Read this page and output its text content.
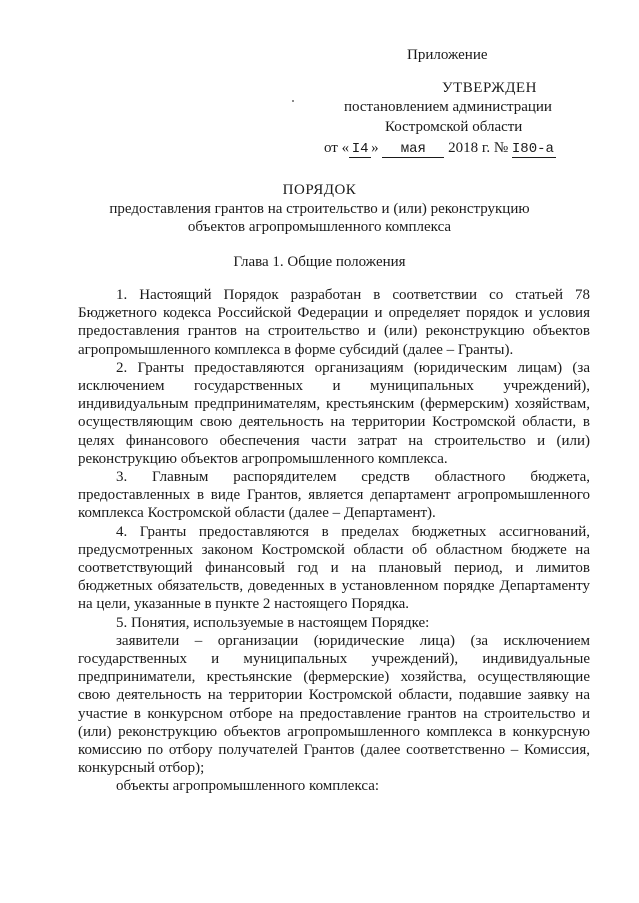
Приложение
УТВЕРЖДЕН
постановлением администрации
Костромской области
от « I4 » мая 2018 г. № I80-а
ПОРЯДОК
предоставления грантов на строительство и (или) реконструкцию
объектов агропромышленного комплекса
Глава 1. Общие положения

1. Настоящий Порядок разработан в соответствии со статьей 78 Бюджетного кодекса Российской Федерации и определяет порядок и условия предоставления грантов на строительство и (или) реконструкцию объектов агропромышленного комплекса в форме субсидий (далее – Гранты).

2. Гранты предоставляются организациям (юридическим лицам) (за исключением государственных и муниципальных учреждений), индивидуальным предпринимателям, крестьянским (фермерским) хозяйствам, осуществляющим свою деятельность на территории Костромской области, в целях финансового обеспечения части затрат на строительство и (или) реконструкцию объектов агропромышленного комплекса.

3. Главным распорядителем средств областного бюджета, предоставленных в виде Грантов, является департамент агропромышленного комплекса Костромской области (далее – Департамент).

4. Гранты предоставляются в пределах бюджетных ассигнований, предусмотренных законом Костромской области об областном бюджете на соответствующий финансовый год и на плановый период, и лимитов бюджетных обязательств, доведенных в установленном порядке Департаменту на цели, указанные в пункте 2 настоящего Порядка.

5. Понятия, используемые в настоящем Порядке:

заявители – организации (юридические лица) (за исключением государственных и муниципальных учреждений), индивидуальные предприниматели, крестьянские (фермерские) хозяйства, осуществляющие свою деятельность на территории Костромской области, подавшие заявку на участие в конкурсном отборе на предоставление грантов на строительство и (или) реконструкцию объектов агропромышленного комплекса в конкурсную комиссию по отбору получателей Грантов (далее соответственно – Комиссия, конкурсный отбор);

объекты агропромышленного комплекса:
